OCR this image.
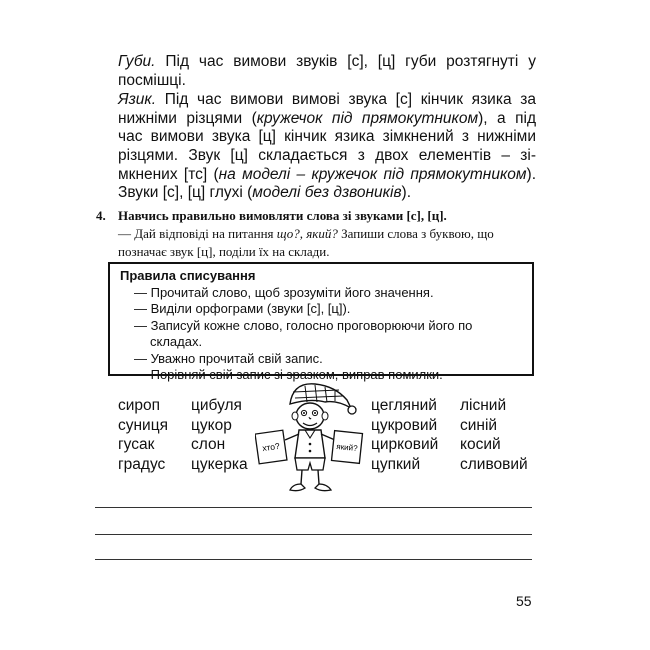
Губи. Під час вимови звуків [с], [ц] губи розтягнуті у
посмішці.
Язик. Під час вимови вимові звука [с] кінчик язика за
нижніми різцями (кружечок під прямокутником), а під
час вимови звука [ц] кінчик язика зімкнений з нижніми
різцями. Звук [ц] складається з двох елементів – зі-
мкнених [тс] (на моделі – кружечок під прямокутником).
Звуки [с], [ц] глухі (моделі без дзвоників).
4. Навчись правильно вимовляти слова зі звуками [с], [ц].
— Дай відповіді на питання що?, який? Запиши слова з буквою, що
позначає звук [ц], поділи їх на склади.
Правила списування
— Прочитай слово, щоб зрозуміти його значення.
— Виділи орфограми (звуки [с], [ц]).
— Записуй кожне слово, голосно проговорюючи його по
складах.
— Уважно прочитай свій запис.
— Порівняй свій запис зі зразком, виправ помилки.
сироп
суниця
гусак
градус
цибуля
цукор
слон
цукерка
цегляний
цукровий
цирковий
цупкий
лісний
синій
косий
сливовий
хто?	який?
55
